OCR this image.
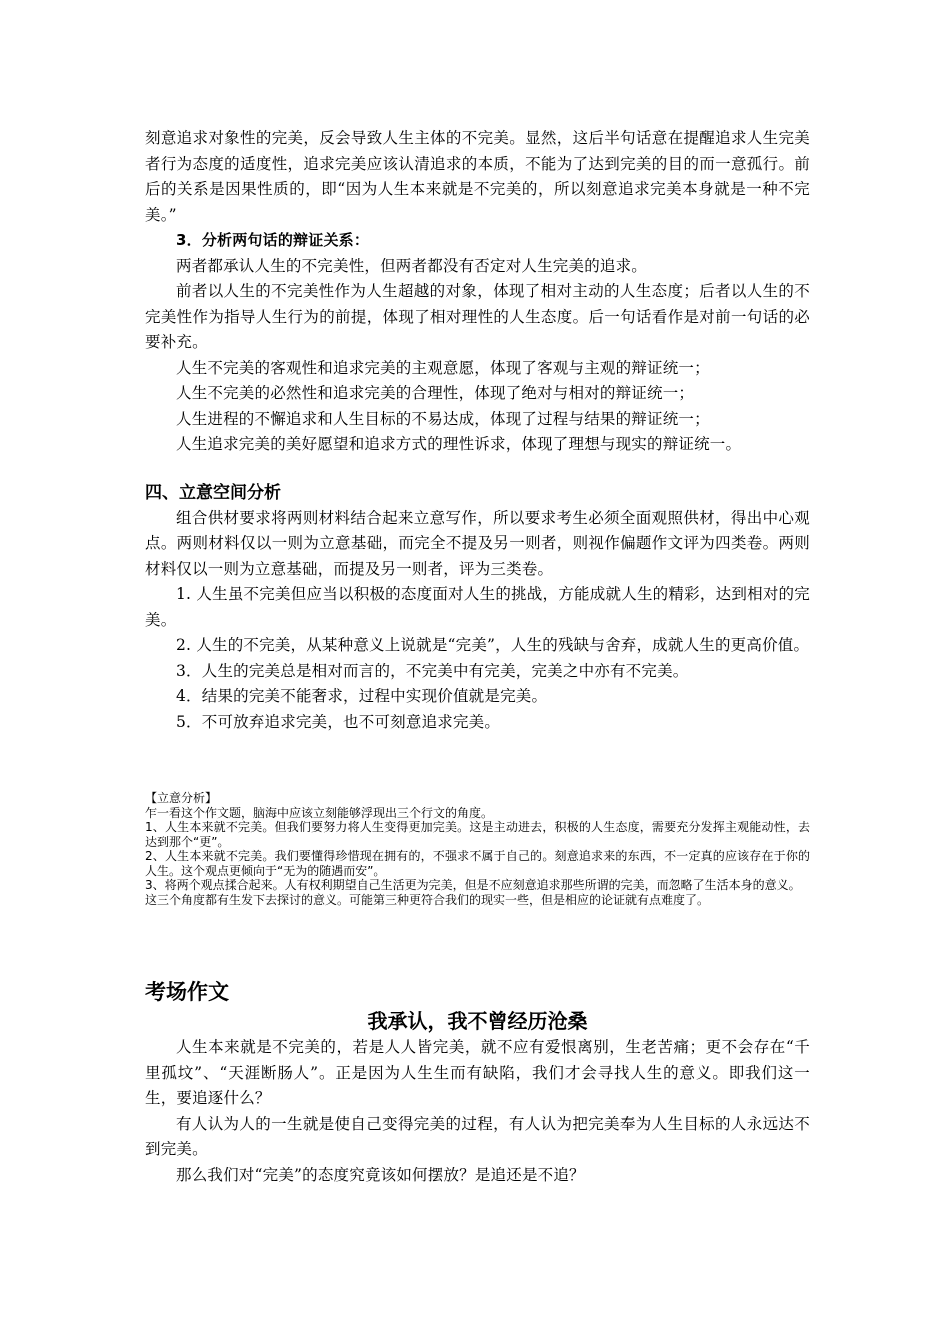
刻意追求对象性的完美，反会导致人生主体的不完美。显然，这后半句话意在提醒追求人生完美者行为态度的适度性，追求完美应该认清追求的本质，不能为了达到完美的目的而一意孤行。前后的关系是因果性质的，即“因为人生本来就是不完美的，所以刻意追求完美本身就是一种不完美。”

3．分析两句话的辩证关系：

两者都承认人生的不完美性，但两者都没有否定对人生完美的追求。

前者以人生的不完美性作为人生超越的对象，体现了相对主动的人生态度；后者以人生的不完美性作为指导人生行为的前提，体现了相对理性的人生态度。后一句话看作是对前一句话的必要补充。

人生不完美的客观性和追求完美的主观意愿，体现了客观与主观的辩证统一；

人生不完美的必然性和追求完美的合理性，体现了绝对与相对的辩证统一；

人生进程的不懈追求和人生目标的不易达成，体现了过程与结果的辩证统一；

人生追求完美的美好愿望和追求方式的理性诉求，体现了理想与现实的辩证统一。

四、立意空间分析

组合供材要求将两则材料结合起来立意写作，所以要求考生必须全面观照供材，得出中心观点。两则材料仅以一则为立意基础，而完全不提及另一则者，则视作偏题作文评为四类卷。两则材料仅以一则为立意基础，而提及另一则者，评为三类卷。

1. 人生虽不完美但应当以积极的态度面对人生的挑战，方能成就人生的精彩，达到相对的完美。

2. 人生的不完美，从某种意义上说就是“完美”，人生的残缺与舍弃，成就人生的更高价值。

3．人生的完美总是相对而言的，不完美中有完美，完美之中亦有不完美。

4．结果的完美不能奢求，过程中实现价值就是完美。

5．不可放弃追求完美，也不可刻意追求完美。

【立意分析】

乍一看这个作文题，脑海中应该立刻能够浮现出三个行文的角度。

1、人生本来就不完美。但我们要努力将人生变得更加完美。这是主动进去，积极的人生态度，需要充分发挥主观能动性，去达到那个“更”。

2、人生本来就不完美。我们要懂得珍惜现在拥有的，不强求不属于自己的。刻意追求来的东西，不一定真的应该存在于你的人生。这个观点更倾向于“无为的随遇而安”。

3、将两个观点揉合起来。人有权利期望自己生活更为完美，但是不应刻意追求那些所谓的完美，而忽略了生活本身的意义。

这三个角度都有生发下去探讨的意义。可能第三种更符合我们的现实一些，但是相应的论证就有点难度了。

考场作文

我承认，我不曾经历沧桑

人生本来就是不完美的，若是人人皆完美，就不应有爱恨离别，生老苦痛；更不会存在“千里孤坟”、“天涯断肠人”。正是因为人生生而有缺陷，我们才会寻找人生的意义。即我们这一生，要追逐什么？

有人认为人的一生就是使自己变得完美的过程，有人认为把完美奉为人生目标的人永远达不到完美。

那么我们对“完美”的态度究竟该如何摆放？是追还是不追？
